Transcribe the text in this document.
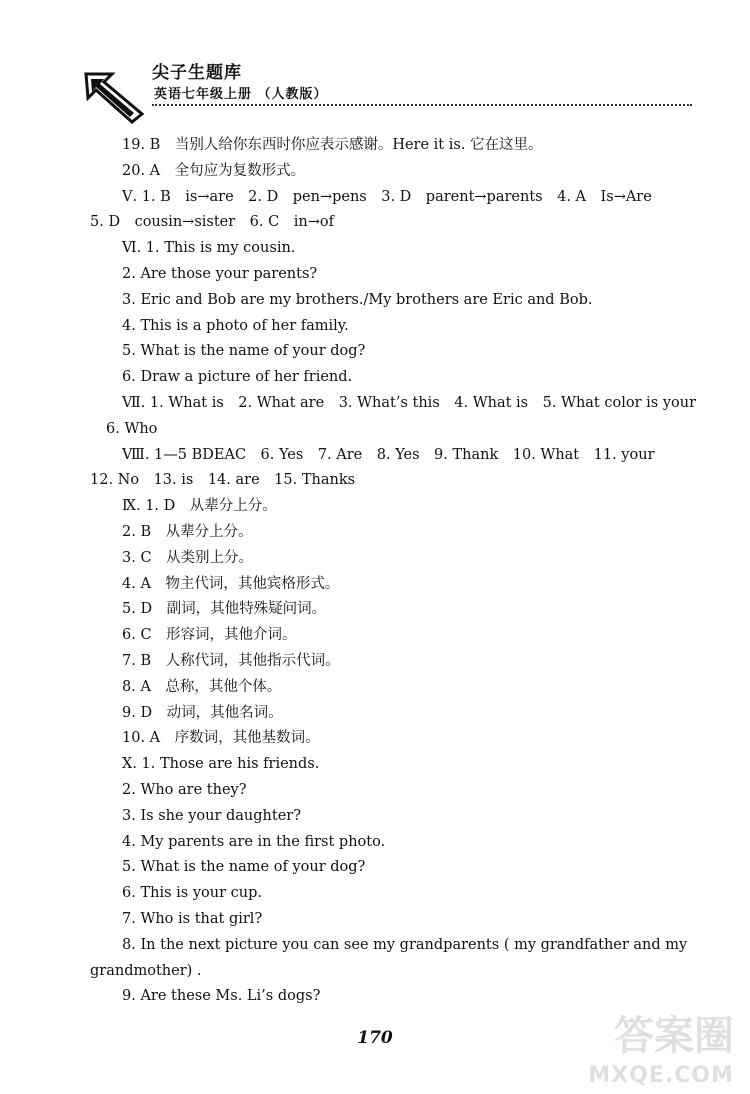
尖子生题库
英语七年级上册 （人教版）
19. B　当别人给你东西时你应表示感谢。Here it is. 它在这里。
20. A　全句应为复数形式。
Ⅴ. 1. B　is→are　2. D　pen→pens　3. D　parent→parents　4. A　Is→Are
5. D　cousin→sister　6. C　in→of
Ⅵ. 1. This is my cousin.
2. Are those your parents?
3. Eric and Bob are my brothers./My brothers are Eric and Bob.
4. This is a photo of her family.
5. What is the name of your dog?
6. Draw a picture of her friend.
Ⅶ. 1. What is　2. What are　3. What’s this　4. What is　5. What color is your
6. Who
Ⅷ. 1—5 BDEAC　6. Yes　7. Are　8. Yes　9. Thank　10. What　11. your
12. No　13. is　14. are　15. Thanks
Ⅸ. 1. D　从辈分上分。
2. B　从辈分上分。
3. C　从类别上分。
4. A　物主代词，其他宾格形式。
5. D　副词，其他特殊疑问词。
6. C　形容词，其他介词。
7. B　人称代词，其他指示代词。
8. A　总称，其他个体。
9. D　动词，其他名词。
10. A　序数词，其他基数词。
Ⅹ. 1. Those are his friends.
2. Who are they?
3. Is she your daughter?
4. My parents are in the first photo.
5. What is the name of your dog?
6. This is your cup.
7. Who is that girl?
8. In the next picture you can see my grandparents ( my grandfather and my
grandmother) .
9. Are these Ms. Li’s dogs?
170	答案圈
MXQE.COM
